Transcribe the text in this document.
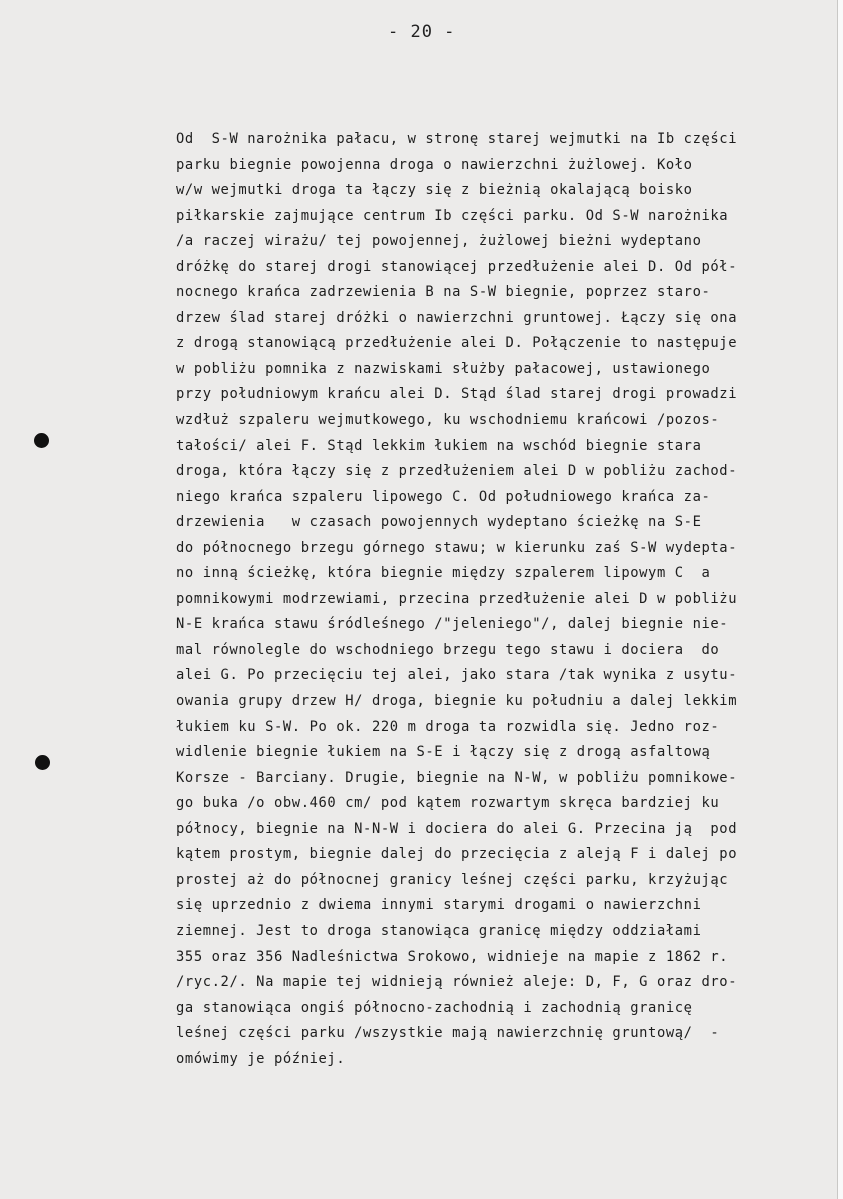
- 20 -
Od  S-W narożnika pałacu, w stronę starej wejmutki na Ib części
parku biegnie powojenna droga o nawierzchni żużlowej. Koło
w/w wejmutki droga ta łączy się z bieżnią okalającą boisko
piłkarskie zajmujące centrum Ib części parku. Od S-W narożnika
/a raczej wirażu/ tej powojennej, żużlowej bieżni wydeptano
dróżkę do starej drogi stanowiącej przedłużenie alei D. Od pół-
nocnego krańca zadrzewienia B na S-W biegnie, poprzez staro-
drzew ślad starej dróżki o nawierzchni gruntowej. Łączy się ona
z drogą stanowiącą przedłużenie alei D. Połączenie to następuje
w pobliżu pomnika z nazwiskami służby pałacowej, ustawionego
przy południowym krańcu alei D. Stąd ślad starej drogi prowadzi
wzdłuż szpaleru wejmutkowego, ku wschodniemu krańcowi /pozos-
tałości/ alei F. Stąd lekkim łukiem na wschód biegnie stara
droga, która łączy się z przedłużeniem alei D w pobliżu zachod-
niego krańca szpaleru lipowego C. Od południowego krańca za-
drzewienia   w czasach powojennych wydeptano ścieżkę na S-E
do północnego brzegu górnego stawu; w kierunku zaś S-W wydepta-
no inną ścieżkę, która biegnie między szpalerem lipowym C  a
pomnikowymi modrzewiami, przecina przedłużenie alei D w pobliżu
N-E krańca stawu śródleśnego /"jeleniego"/, dalej biegnie nie-
mal równolegle do wschodniego brzegu tego stawu i dociera  do
alei G. Po przecięciu tej alei, jako stara /tak wynika z usytu-
owania grupy drzew H/ droga, biegnie ku południu a dalej lekkim
łukiem ku S-W. Po ok. 220 m droga ta rozwidla się. Jedno roz-
widlenie biegnie łukiem na S-E i łączy się z drogą asfaltową
Korsze - Barciany. Drugie, biegnie na N-W, w pobliżu pomnikowe-
go buka /o obw.460 cm/ pod kątem rozwartym skręca bardziej ku
północy, biegnie na N-N-W i dociera do alei G. Przecina ją  pod
kątem prostym, biegnie dalej do przecięcia z aleją F i dalej po
prostej aż do północnej granicy leśnej części parku, krzyżując
się uprzednio z dwiema innymi starymi drogami o nawierzchni
ziemnej. Jest to droga stanowiąca granicę między oddziałami
355 oraz 356 Nadleśnictwa Srokowo, widnieje na mapie z 1862 r.
/ryc.2/. Na mapie tej widnieją również aleje: D, F, G oraz dro-
ga stanowiąca ongiś północno-zachodnią i zachodnią granicę
leśnej części parku /wszystkie mają nawierzchnię gruntową/  -
omówimy je później.
